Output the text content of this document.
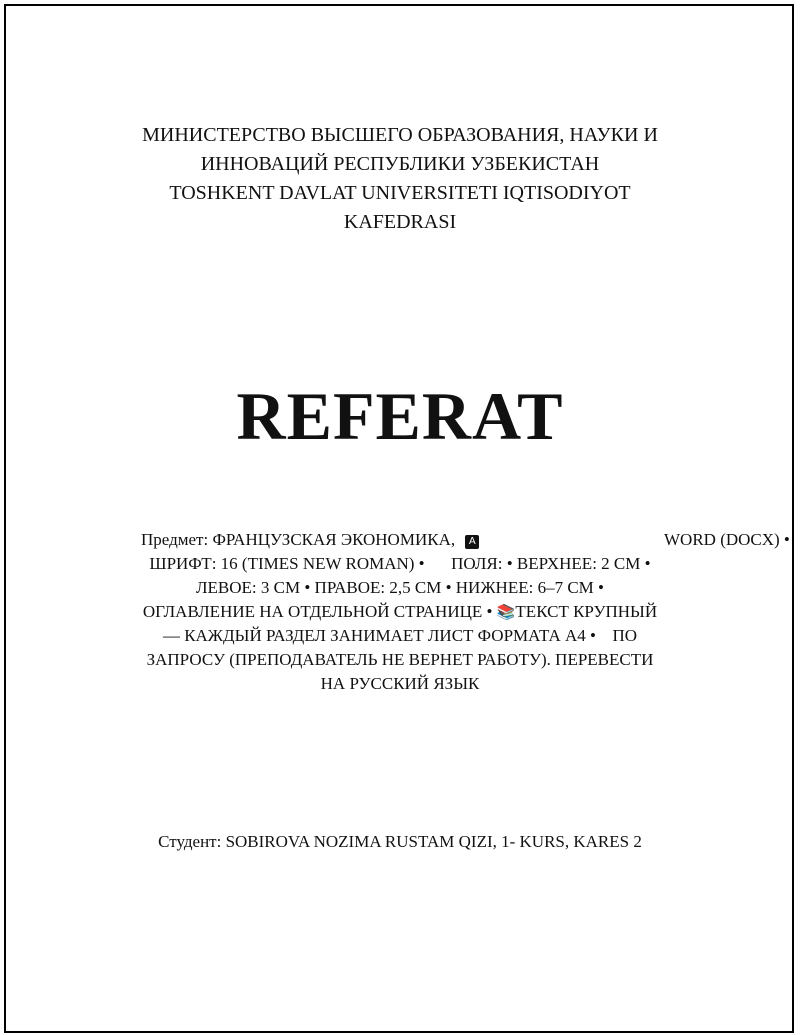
МИНИСТЕРСТВО ВЫСШЕГО ОБРАЗОВАНИЯ, НАУКИ И
ИННОВАЦИЙ РЕСПУБЛИКИ УЗБЕКИСТАН
TOSHKENT DAVLAT UNIVERSITETI IQTISODIYOT
KAFEDRASI
REFERAT
Предмет: ФРАНЦУЗСКАЯ ЭКОНОМИКА, A	WORD (DOCX) •
ШРИФТ: 16 (TIMES NEW ROMAN) • ПОЛЯ: • ВЕРХНЕЕ: 2 СМ •
ЛЕВОЕ: 3 СМ • ПРАВОЕ: 2,5 СМ • НИЖНЕЕ: 6–7 СМ •
ОГЛАВЛЕНИЕ НА ОТДЕЛЬНОЙ СТРАНИЦЕ • 📚ТЕКСТ КРУПНЫЙ
— КАЖДЫЙ РАЗДЕЛ ЗАНИМАЕТ ЛИСТ ФОРМАТА А4 • ПО
ЗАПРОСУ (ПРЕПОДАВАТЕЛЬ НЕ ВЕРНЕТ РАБОТУ). ПЕРЕВЕСТИ
НА РУССКИЙ ЯЗЫК
Студент: SOBIROVA NOZIMA RUSTAM QIZI, 1- KURS, KARES 2
